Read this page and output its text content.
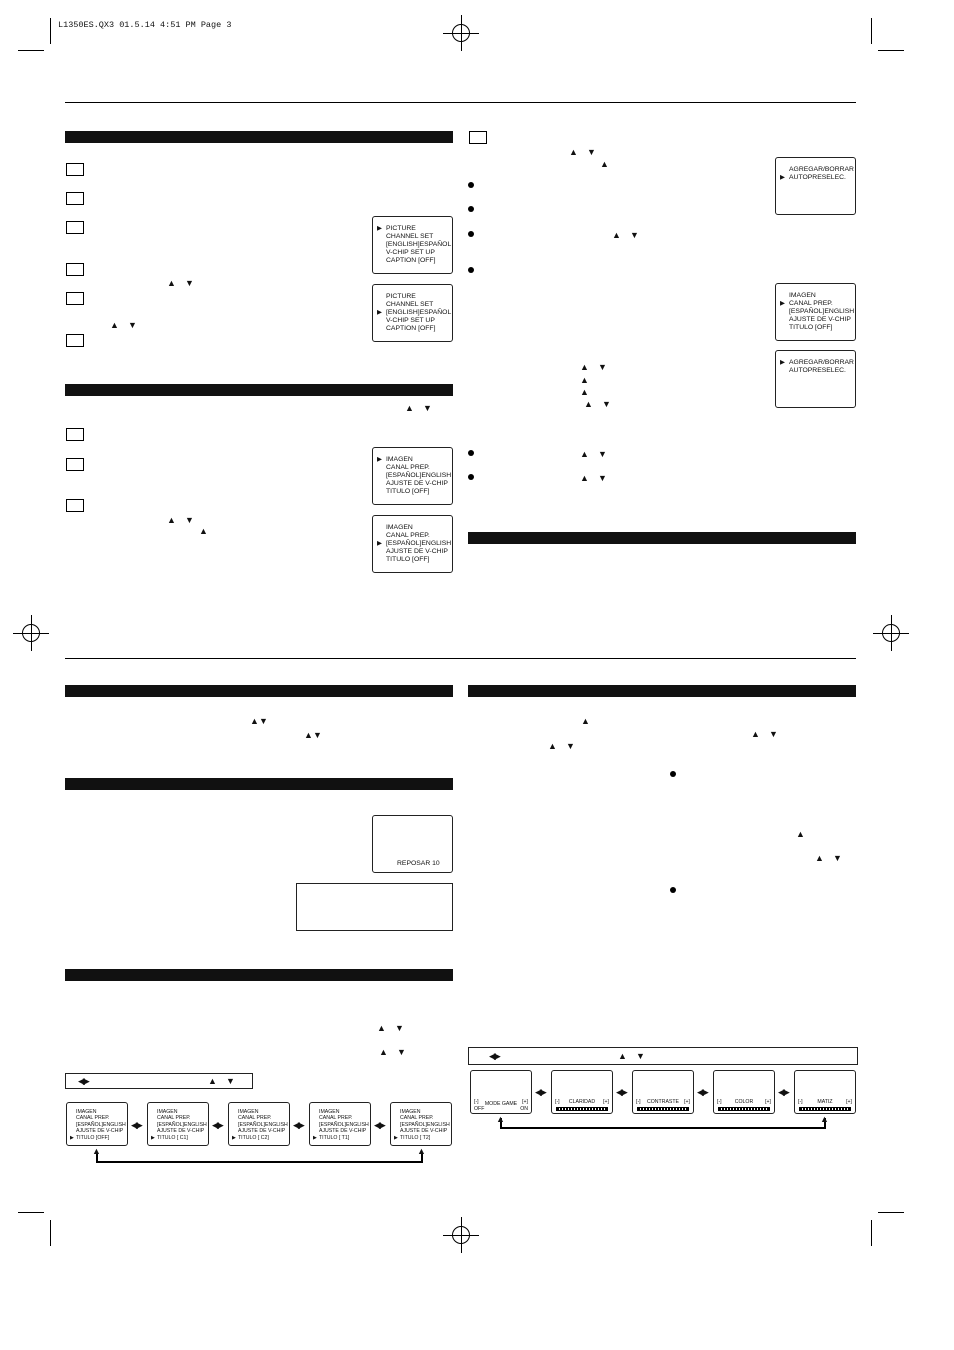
L1350ES.QX3 01.5.14 4:51 PM Page 3
▲ ▼
▲ ▼
▶ PICTURE
CHANNEL SET
[ENGLISH]ESPAÑOL
V-CHIP SET UP
CAPTION [OFF]
PICTURE
CHANNEL SET
▶ [ENGLISH]ESPAÑOL
V-CHIP SET UP
CAPTION [OFF]
▲ ▼
▲ ▼
▲
▶ IMAGEN
CANAL PREP.
[ESPAÑOL]ENGLISH
AJUSTE DE V-CHIP
TITULO [OFF]
IMAGEN
CANAL PREP.
▶ [ESPAÑOL]ENGLISH
AJUSTE DE V-CHIP
TITULO [OFF]
▲ ▼
▲
▲ ▼
AGREGAR/BORRAR
▶ AUTOPRESELEC.
IMAGEN
▶ CANAL PREP.
[ESPAÑOL]ENGLISH
AJUSTE DE V-CHIP
TITULO [OFF]
▶ AGREGAR/BORRAR
AUTOPRESELEC.
▲ ▼
▲
▲
▲ ▼
▲ ▼
▲ ▼
▲ ▼
▲ ▼
REPOSAR 10
▲ ▼
▲ ▼
◀▶	▲ ▼
IMAGEN
CANAL PREP.
[ESPAÑOL]ENGLISH
AJUSTE DE V-CHIP
▶ TITULO [OFF]
◀▶
IMAGEN
CANAL PREP.
[ESPAÑOL]ENGLISH
AJUSTE DE V-CHIP
▶ TITULO [ C1]
◀▶
IMAGEN
CANAL PREP.
[ESPAÑOL]ENGLISH
AJUSTE DE V-CHIP
▶ TITULO [ C2]
◀▶
IMAGEN
CANAL PREP.
[ESPAÑOL]ENGLISH
AJUSTE DE V-CHIP
▶ TITULO [ T1]
◀▶
IMAGEN
CANAL PREP.
[ESPAÑOL]ENGLISH
AJUSTE DE V-CHIP
▶ TITULO [ T2]
▲	▲
▲
▲ ▼
▲ ▼
▲
▲ ▼
◀▶	▲ ▼
[-]	[+]
MODE GAME
OFF	ON
◀▶
[-]	[+]
CLARIDAD
◀▶
[-]	[+]
CONTRASTE
◀▶
[-]	[+]
COLOR
◀▶
[-]	[+]
MATIZ
▲	▲
